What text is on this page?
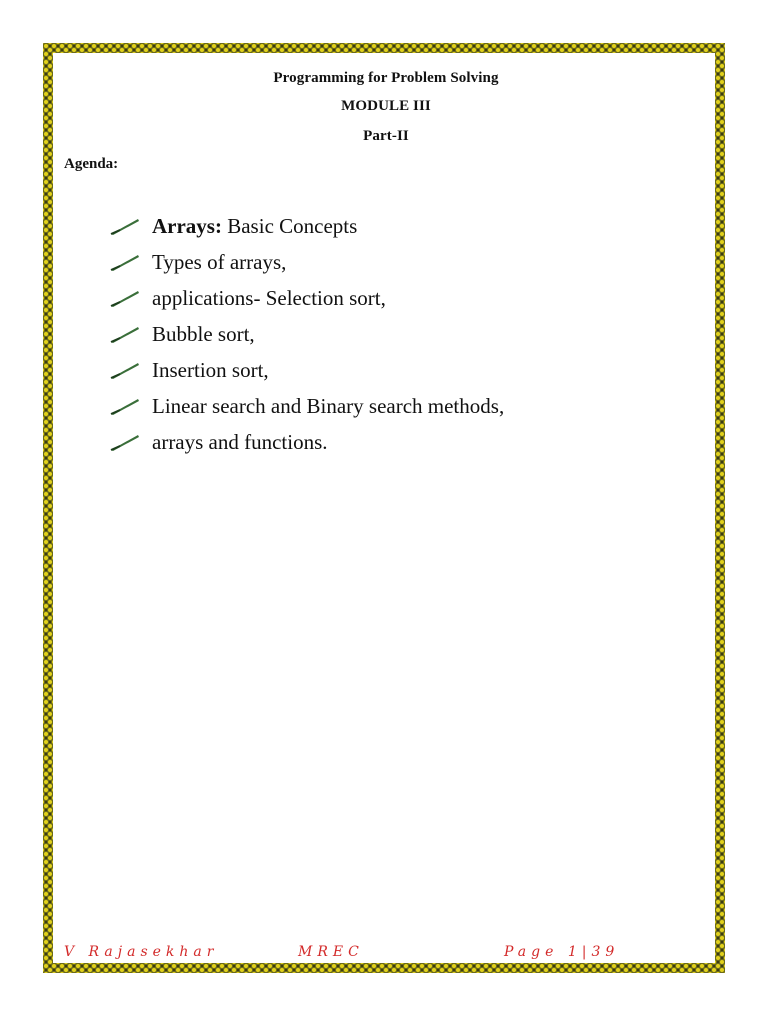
Programming for Problem Solving
MODULE III
Part-II
Agenda:
Arrays: Basic Concepts
Types of arrays,
applications- Selection sort,
Bubble sort,
Insertion sort,
Linear search and Binary search methods,
arrays and functions.
V Rajasekhar	MREC	Page 1|39
